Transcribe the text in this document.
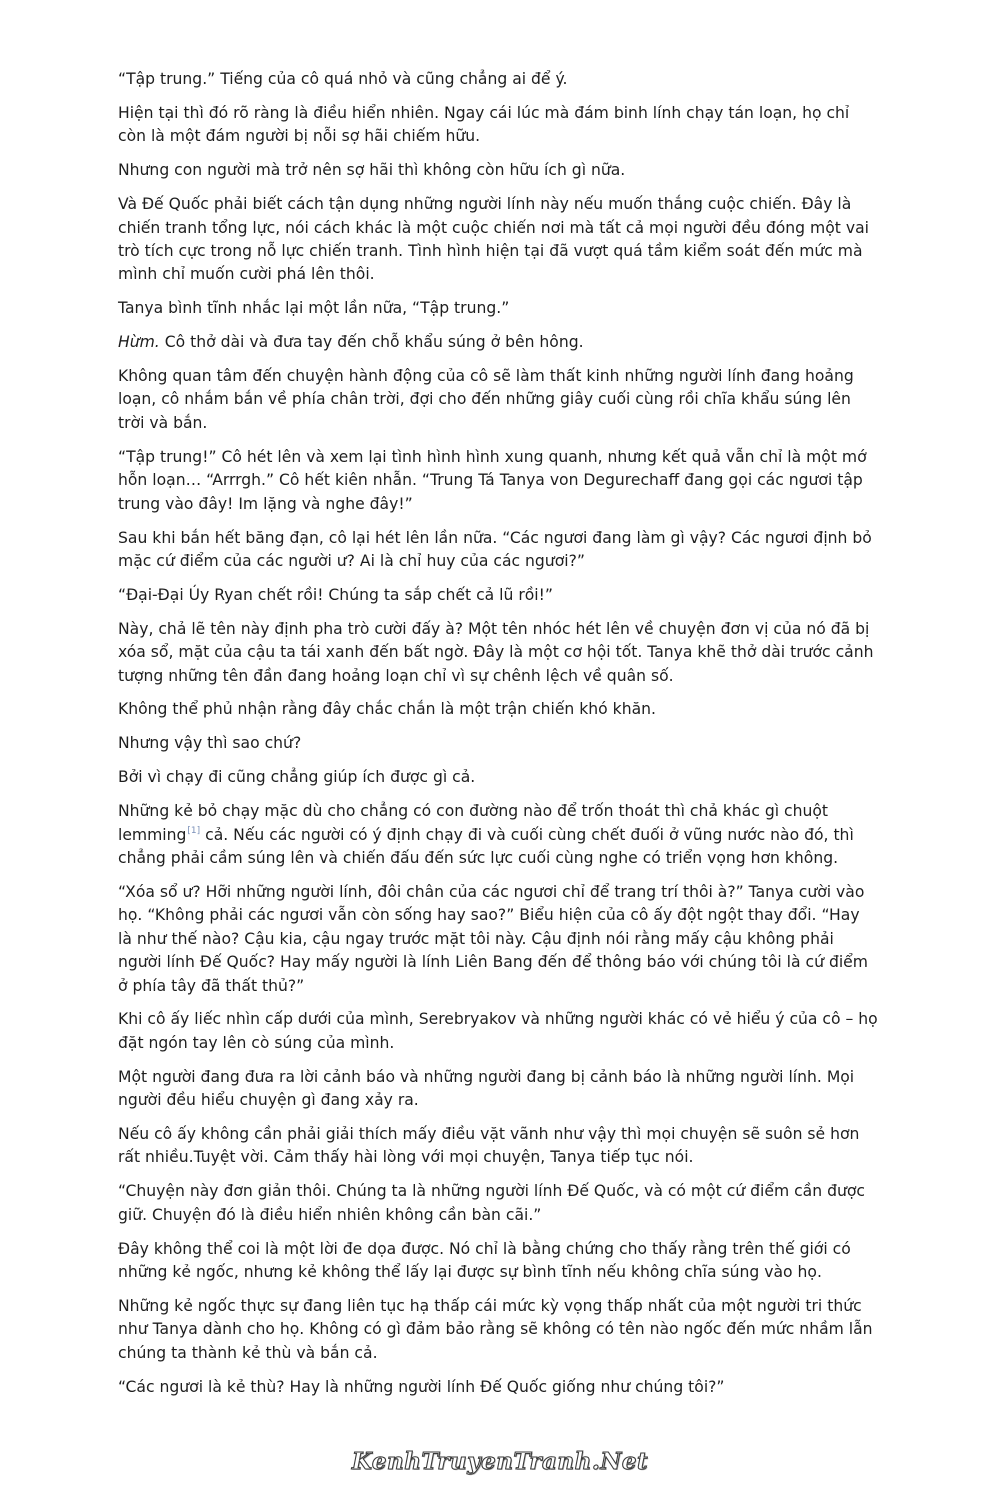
“Tập trung.” Tiếng của cô quá nhỏ và cũng chẳng ai để ý.

Hiện tại thì đó rõ ràng là điều hiển nhiên. Ngay cái lúc mà đám binh lính chạy tán loạn, họ chỉ còn là một đám người bị nỗi sợ hãi chiếm hữu.

Nhưng con người mà trở nên sợ hãi thì không còn hữu ích gì nữa.

Và Đế Quốc phải biết cách tận dụng những người lính này nếu muốn thắng cuộc chiến. Đây là chiến tranh tổng lực, nói cách khác là một cuộc chiến nơi mà tất cả mọi người đều đóng một vai trò tích cực trong nỗ lực chiến tranh. Tình hình hiện tại đã vượt quá tầm kiểm soát đến mức mà mình chỉ muốn cười phá lên thôi.

Tanya bình tĩnh nhắc lại một lần nữa, “Tập trung.”

Hừm. Cô thở dài và đưa tay đến chỗ khẩu súng ở bên hông.

Không quan tâm đến chuyện hành động của cô sẽ làm thất kinh những người lính đang hoảng loạn, cô nhắm bắn về phía chân trời, đợi cho đến những giây cuối cùng rồi chĩa khẩu súng lên trời và bắn.

“Tập trung!” Cô hét lên và xem lại tình hình hình xung quanh, nhưng kết quả vẫn chỉ là một mớ hỗn loạn… “Arrrgh.” Cô hết kiên nhẫn. “Trung Tá Tanya von Degurechaff đang gọi các ngươi tập trung vào đây! Im lặng và nghe đây!”

Sau khi bắn hết băng đạn, cô lại hét lên lần nữa. “Các ngươi đang làm gì vậy? Các ngươi định bỏ mặc cứ điểm của các người ư? Ai là chỉ huy của các ngươi?”

“Đại-Đại Úy Ryan chết rồi! Chúng ta sắp chết cả lũ rồi!”

Này, chả lẽ tên này định pha trò cười đấy à? Một tên nhóc hét lên về chuyện đơn vị của nó đã bị xóa sổ, mặt của cậu ta tái xanh đến bất ngờ. Đây là một cơ hội tốt. Tanya khẽ thở dài trước cảnh tượng những tên đần đang hoảng loạn chỉ vì sự chênh lệch về quân số.

Không thể phủ nhận rằng đây chắc chắn là một trận chiến khó khăn.

Nhưng vậy thì sao chứ?

Bởi vì chạy đi cũng chẳng giúp ích được gì cả.

Những kẻ bỏ chạy mặc dù cho chẳng có con đường nào để trốn thoát thì chả khác gì chuột lemming[1] cả. Nếu các người có ý định chạy đi và cuối cùng chết đuối ở vũng nước nào đó, thì chẳng phải cầm súng lên và chiến đấu đến sức lực cuối cùng nghe có triển vọng hơn không.

“Xóa sổ ư? Hỡi những người lính, đôi chân của các ngươi chỉ để trang trí thôi à?” Tanya cười vào họ. “Không phải các ngươi vẫn còn sống hay sao?” Biểu hiện của cô ấy đột ngột thay đổi. “Hay là như thế nào? Cậu kia, cậu ngay trước mặt tôi này. Cậu định nói rằng mấy cậu không phải người lính Đế Quốc? Hay mấy người là lính Liên Bang đến để thông báo với chúng tôi là cứ điểm ở phía tây đã thất thủ?”

Khi cô ấy liếc nhìn cấp dưới của mình, Serebryakov và những người khác có vẻ hiểu ý của cô – họ đặt ngón tay lên cò súng của mình.

Một người đang đưa ra lời cảnh báo và những người đang bị cảnh báo là những người lính. Mọi người đều hiểu chuyện gì đang xảy ra.

Nếu cô ấy không cần phải giải thích mấy điều vặt vãnh như vậy thì mọi chuyện sẽ suôn sẻ hơn rất nhiều.Tuyệt vời. Cảm thấy hài lòng với mọi chuyện, Tanya tiếp tục nói.

“Chuyện này đơn giản thôi. Chúng ta là những người lính Đế Quốc, và có một cứ điểm cần được giữ. Chuyện đó là điều hiển nhiên không cần bàn cãi.”

Đây không thể coi là một lời đe dọa được. Nó chỉ là bằng chứng cho thấy rằng trên thế giới có những kẻ ngốc, nhưng kẻ không thể lấy lại được sự bình tĩnh nếu không chĩa súng vào họ.

Những kẻ ngốc thực sự đang liên tục hạ thấp cái mức kỳ vọng thấp nhất của một người tri thức như Tanya dành cho họ. Không có gì đảm bảo rằng sẽ không có tên nào ngốc đến mức nhầm lẫn chúng ta thành kẻ thù và bắn cả.

“Các ngươi là kẻ thù? Hay là những người lính Đế Quốc giống như chúng tôi?”

KenhTruyenTranh.Net
